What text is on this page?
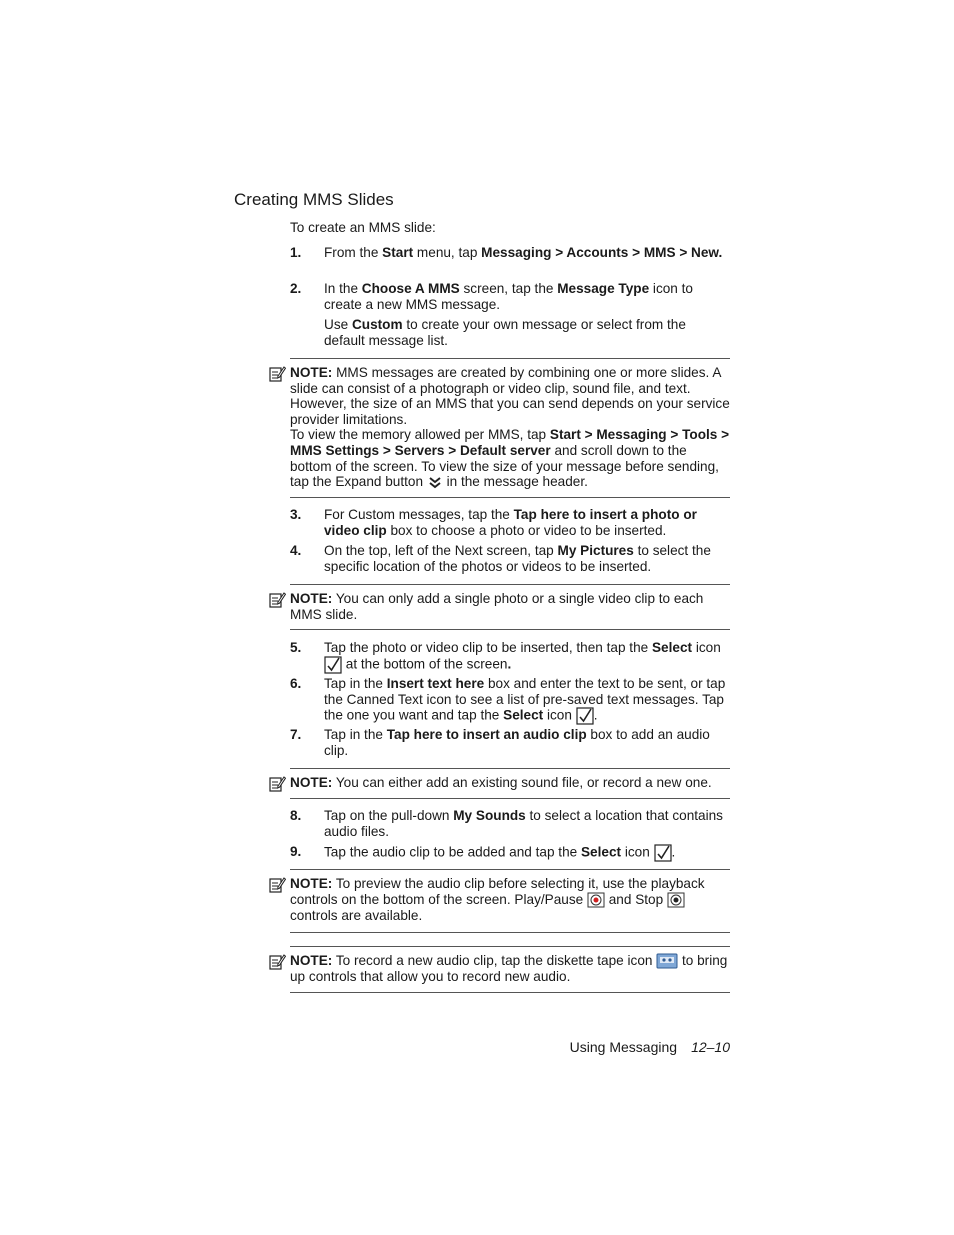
Creating MMS Slides
To create an MMS slide:
1. From the Start menu, tap Messaging > Accounts > MMS > New.
2. In the Choose A MMS screen, tap the Message Type icon to create a new MMS message.
Use Custom to create your own message or select from the default message list.
NOTE: MMS messages are created by combining one or more slides. A slide can consist of a photograph or video clip, sound file, and text. However, the size of an MMS that you can send depends on your service provider limitations.
To view the memory allowed per MMS, tap Start > Messaging > Tools > MMS Settings > Servers > Default server and scroll down to the bottom of the screen. To view the size of your message before sending, tap the Expand button  in the message header.
3. For Custom messages, tap the Tap here to insert a photo or video clip box to choose a photo or video to be inserted.
4. On the top, left of the Next screen, tap My Pictures to select the specific location of the photos or videos to be inserted.
NOTE: You can only add a single photo or a single video clip to each MMS slide.
5. Tap the photo or video clip to be inserted, then tap the Select icon  at the bottom of the screen.
6. Tap in the Insert text here box and enter the text to be sent, or tap the Canned Text icon to see a list of pre-saved text messages. Tap the one you want and tap the Select icon .
7. Tap in the Tap here to insert an audio clip box to add an audio clip.
NOTE: You can either add an existing sound file, or record a new one.
8. Tap on the pull-down My Sounds to select a location that contains audio files.
9. Tap the audio clip to be added and tap the Select icon .
NOTE: To preview the audio clip before selecting it, use the playback controls on the bottom of the screen. Play/Pause  and Stop  controls are available.
NOTE: To record a new audio clip, tap the diskette tape icon  to bring up controls that allow you to record new audio.
Using Messaging 12–10
